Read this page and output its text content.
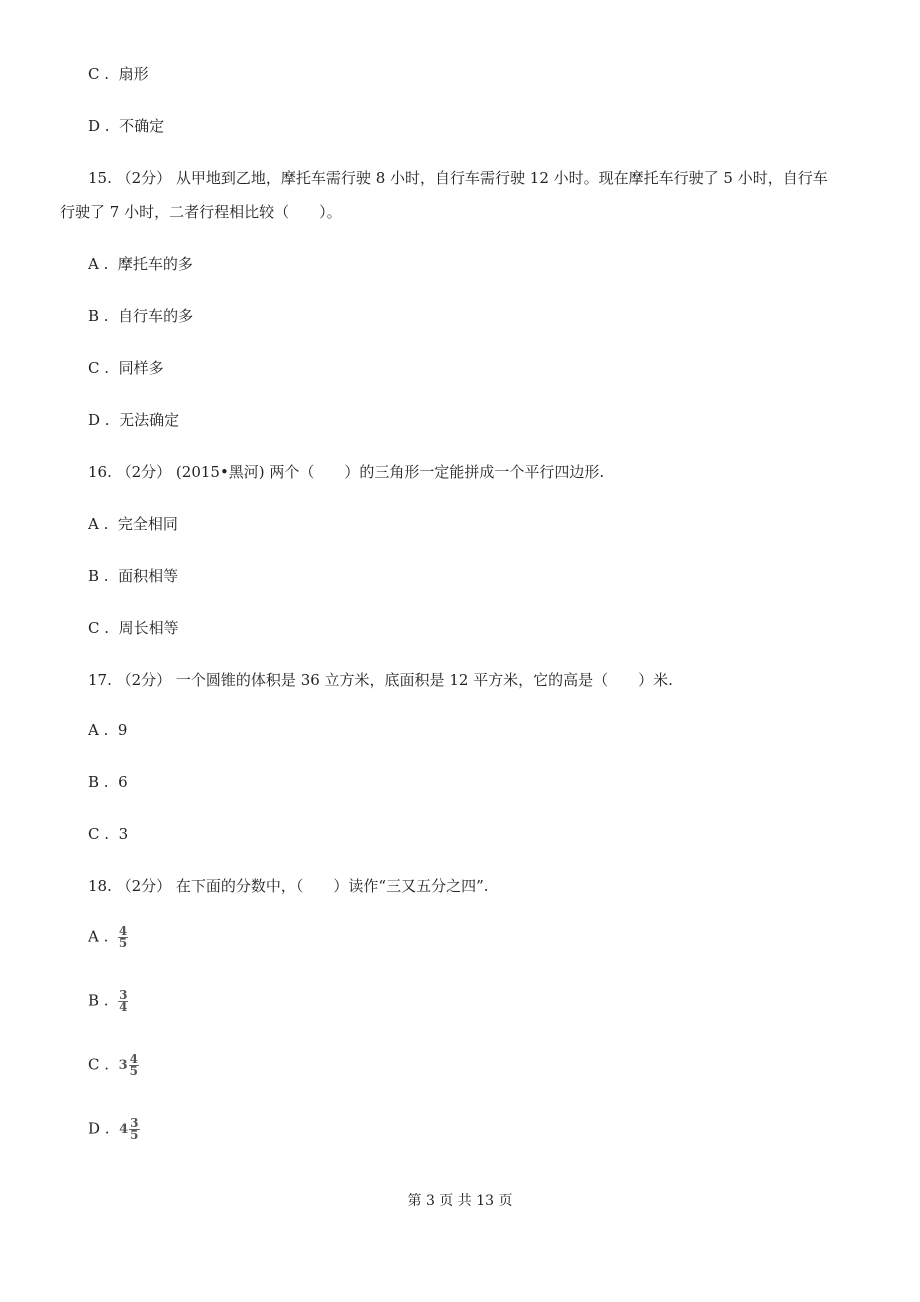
C . 扇形
D . 不确定
15. （2分） 从甲地到乙地，摩托车需行驶 8 小时，自行车需行驶 12 小时。现在摩托车行驶了 5 小时，自行车
行驶了 7 小时，二者行程相比较（　　）。
A . 摩托车的多
B . 自行车的多
C . 同样多
D . 无法确定
16. （2分） (2015•黑河) 两个（　　）的三角形一定能拼成一个平行四边形.
A . 完全相同
B . 面积相等
C . 周长相等
17. （2分） 一个圆锥的体积是 36 立方米，底面积是 12 平方米，它的高是（　　）米.
A . 9
B . 6
C . 3
18. （2分） 在下面的分数中，（　　）读作“三又五分之四”.
A . $\frac{4}{5}$
B . $\frac{3}{4}$
C . $3 \frac{4}{5}$
D . $4 \frac{3}{5}$
第 3 页 共 13 页
